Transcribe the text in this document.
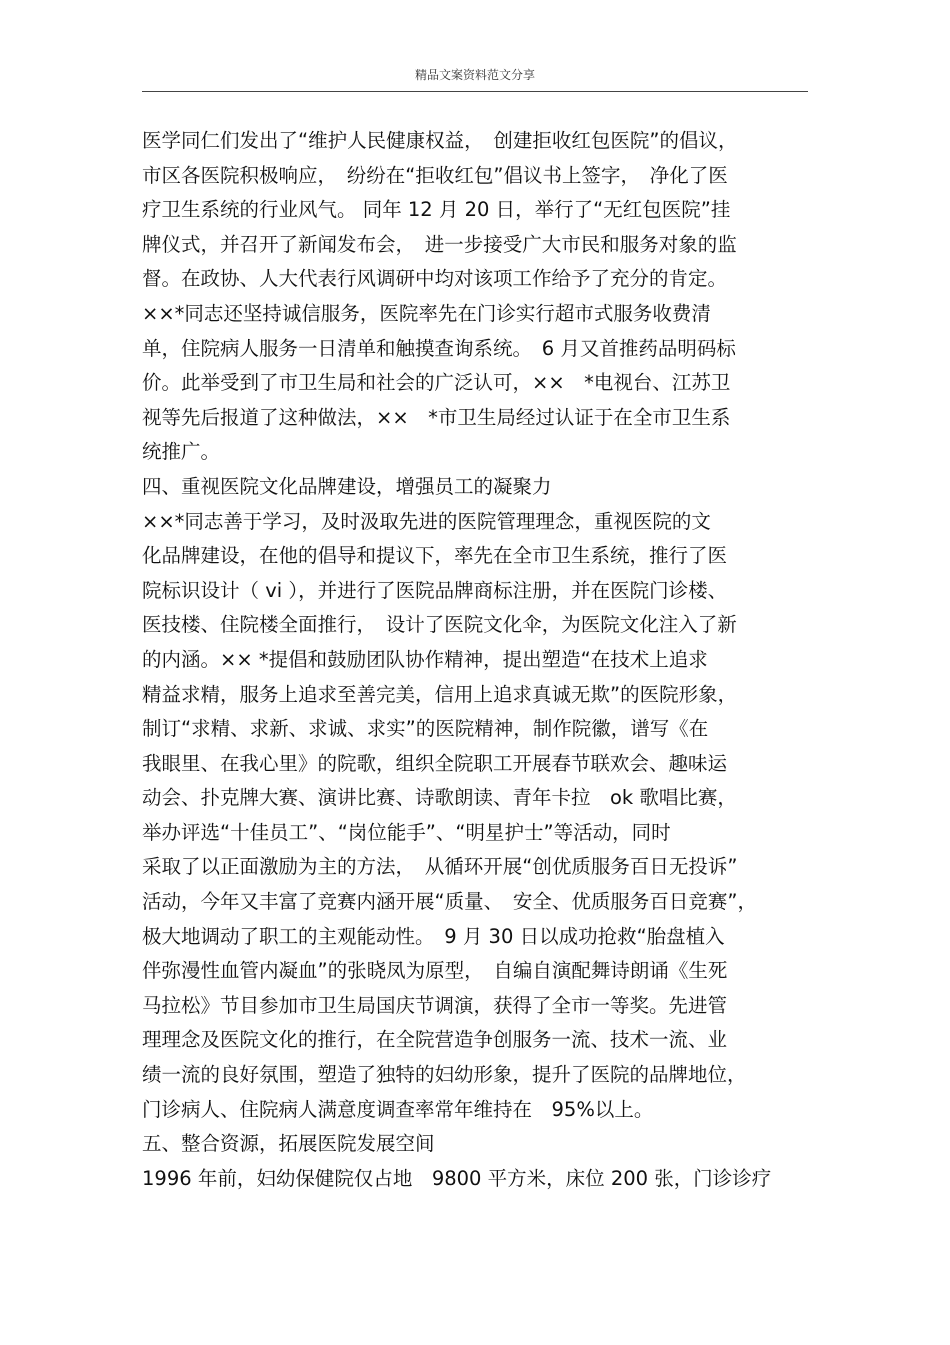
精品文案资料范文分享
医学同仁们发出了“维护人民健康权益，　创建拒收红包医院”的倡议，
市区各医院积极响应，　纷纷在“拒收红包”倡议书上签字，　净化了医
疗卫生系统的行业风气。 同年 12 月 20 日，举行了“无红包医院”挂
牌仪式，并召开了新闻发布会，　进一步接受广大市民和服务对象的监
督。在政协、人大代表行风调研中均对该项工作给予了充分的肯定。
××*同志还坚持诚信服务，医院率先在门诊实行超市式服务收费清
单，住院病人服务一日清单和触摸查询系统。　6 月又首推药品明码标
价。此举受到了市卫生局和社会的广泛认可，××　*电视台、江苏卫
视等先后报道了这种做法，××　*市卫生局经过认证于在全市卫生系
统推广。
四、重视医院文化品牌建设，增强员工的凝聚力
××*同志善于学习，及时汲取先进的医院管理理念，重视医院的文
化品牌建设，在他的倡导和提议下，率先在全市卫生系统，推行了医
院标识设计（ vi ），并进行了医院品牌商标注册，并在医院门诊楼、
医技楼、住院楼全面推行，　设计了医院文化伞，为医院文化注入了新
的内涵。×× *提倡和鼓励团队协作精神，提出塑造“在技术上追求
精益求精，服务上追求至善完美，信用上追求真诚无欺”的医院形象，
制订“求精、求新、求诚、求实”的医院精神，制作院徽，谱写《在
我眼里、在我心里》的院歌，组织全院职工开展春节联欢会、趣味运
动会、扑克牌大赛、演讲比赛、诗歌朗读、青年卡拉　ok 歌唱比赛，
举办评选“十佳员工”、“岗位能手”、“明星护士”等活动，同时
采取了以正面激励为主的方法，　从循环开展“创优质服务百日无投诉”
活动，今年又丰富了竞赛内涵开展“质量、　安全、优质服务百日竞赛”，
极大地调动了职工的主观能动性。　9 月 30 日以成功抢救“胎盘植入
伴弥漫性血管内凝血”的张晓凤为原型，　自编自演配舞诗朗诵《生死
马拉松》节目参加市卫生局国庆节调演，获得了全市一等奖。先进管
理理念及医院文化的推行，在全院营造争创服务一流、技术一流、业
绩一流的良好氛围，塑造了独特的妇幼形象，提升了医院的品牌地位，
门诊病人、住院病人满意度调查率常年维持在　95%以上。
五、整合资源，拓展医院发展空间
1996 年前，妇幼保健院仅占地　9800 平方米，床位 200 张，门诊诊疗
